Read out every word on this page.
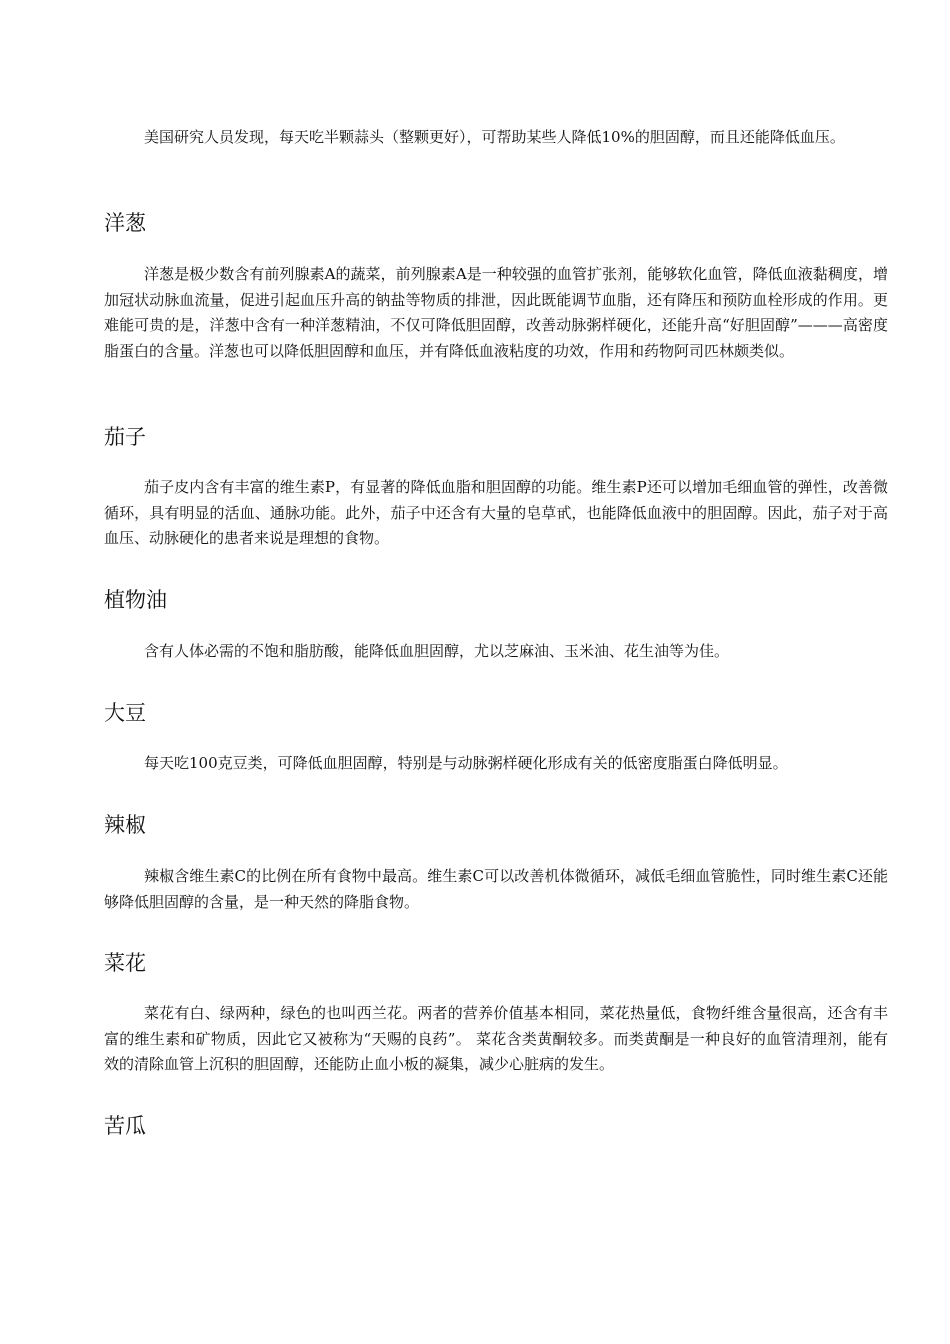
美国研究人员发现，每天吃半颗蒜头（整颗更好），可帮助某些人降低10%的胆固醇，而且还能降低血压。

洋葱

洋葱是极少数含有前列腺素A的蔬菜，前列腺素A是一种较强的血管扩张剂，能够软化血管，降低血液黏稠度，增加冠状动脉血流量，促进引起血压升高的钠盐等物质的排泄，因此既能调节血脂，还有降压和预防血栓形成的作用。更难能可贵的是，洋葱中含有一种洋葱精油，不仅可降低胆固醇，改善动脉粥样硬化，还能升高“好胆固醇”———高密度脂蛋白的含量。洋葱也可以降低胆固醇和血压，并有降低血液粘度的功效，作用和药物阿司匹林颇类似。

茄子

茄子皮内含有丰富的维生素P，有显著的降低血脂和胆固醇的功能。维生素P还可以增加毛细血管的弹性，改善微循环，具有明显的活血、通脉功能。此外，茄子中还含有大量的皂草甙，也能降低血液中的胆固醇。因此，茄子对于高血压、动脉硬化的患者来说是理想的食物。

植物油

含有人体必需的不饱和脂肪酸，能降低血胆固醇，尤以芝麻油、玉米油、花生油等为佳。

大豆

每天吃100克豆类，可降低血胆固醇，特别是与动脉粥样硬化形成有关的低密度脂蛋白降低明显。

辣椒

辣椒含维生素C的比例在所有食物中最高。维生素C可以改善机体微循环，减低毛细血管脆性，同时维生素C还能够降低胆固醇的含量，是一种天然的降脂食物。

菜花

菜花有白、绿两种，绿色的也叫西兰花。两者的营养价值基本相同，菜花热量低，食物纤维含量很高，还含有丰富的维生素和矿物质，因此它又被称为“天赐的良药”。 菜花含类黄酮较多。而类黄酮是一种良好的血管清理剂，能有效的清除血管上沉积的胆固醇，还能防止血小板的凝集，减少心脏病的发生。

苦瓜
